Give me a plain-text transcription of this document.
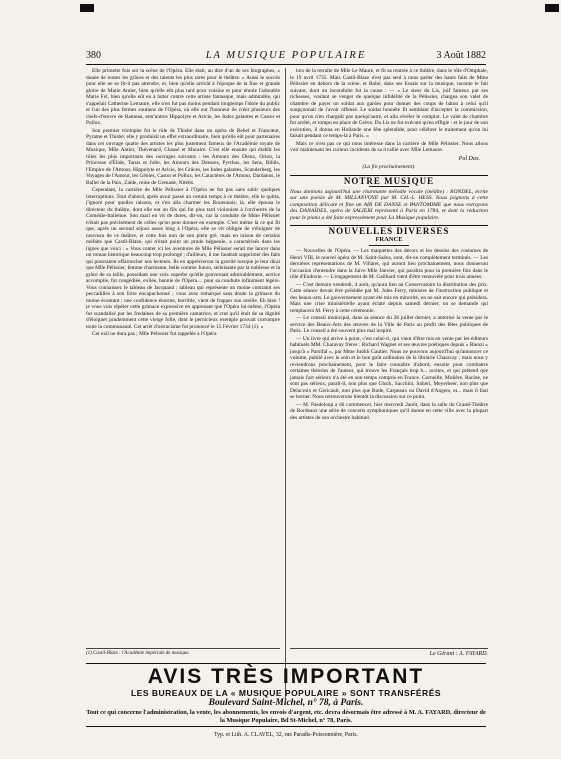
380	LA MUSIQUE POPULAIRE	3 Août 1882

Elle primette fois sur la scène de l'Opéra. Elle était, au dire d'un de ses biographes, « douée de toutes les grâces et des talents les plus rares pour le théâtre. » Aussi le succès pour elle ne se fit-il pas attendre, et, bien qu'elle arrivât à l'époque de la fine et grande gloire de Marie Antier, bien qu'elle eût plus tard pour voisine et pour émule l'adorable Marie Fel, bien qu'elle eût eu à lutter contre cette artiste fantasque, mais admirable, qui s'appelait Catherine Lemaure, elle n'en fut pas moins pendant longtemps l'idole du public et l'un des plus fermes soutiens de l'Opéra, où elle eut l'honneur de créer plusieurs des chefs-d'œuvre de Rameau, entr'autres Hippolyte et Aricie, les Indes galantes et Castor et Pollux.

Son premier triomphe fut le rôle de Thisbé dans un opéra de Rebel et Francœur, Pyrame et Thisbé; elle y produisit un effet extraordinaire, bien qu'elle eût pour partenaires dans cet ouvrage quatre des artistes les plus justement fameux de l'Académie royale de Musique, Mlle Antier, Thévenard, Chassé et Muraire. C'est elle ensuite qui établit les rôles les plus importants des ouvrages suivants : les Amours des Dieux, Orion, la Princesse d'Élide, Tarsis et Julie, les Amours des Déesses, Pyrrhus, les Sens, Biblis, l'Empire de l'Amour, Hippolyte et Aricie, les Grâces, les Indes galantes, Scanderberg, les Voyages de l'Amour, les Génies, Castor et Pollux, les Caractères de l'Amour, Dardanus, le Ballet de la Paix, Zaïde, reine de Grenade, Nitétis.

Cependant, la carrière de Mlle Pélissier à l'Opéra ne fut pas sans subir quelques interruptions. Tout d'abord, après avoir passé un certain temps à ce théâtre, elle le quitta, j'ignore pour quelles raisons, et s'en alla charmer les Rouennais; là, elle épousa le directeur du théâtre, dont elle eut un fils qui fut plus tard violoniste à l'orchestre de la Comédie-Italienne. Son mari en vit de dures, dit-on, car la conduite de Mme Pélissier n'était pas précisément de celles qu'on peut donner en exemple. C'est même là ce qui fit que, après un second séjour assez long à l'Opéra, elle se vit obligée de s'éloigner de nouveau de ce théâtre, et cette fois non de son plein gré, mais en raison de certains méfaits que Castil-Blaze, qui n'était point un prude bégueule, a caractérisés dans les lignes que voici : « Vous conter ici les aventures de Mlle Pélissier serait me lancer dans un roman historique beaucoup trop prolongé ; d'ailleurs, il me faudrait supprimer des faits qui pourraient effaroucher nos lecteurs. Ils en apprécieront la gravité lorsque je leur dirai que Mlle Pélissier, femme charmante, belle comme Junon, séduisante par la noblesse et la grâce de sa taille, possédant une voix superbe qu'elle gouvernait admirablement, actrice accomplie, fut congédiée, exilée, bannie de l'Opéra.... pour sa conduite infiniment légère. Vous connaissez le tableau de Jacquand ; tableau qui représente un moine contraint ses peccadilles à son frère encapuchonné ; vous avez remarqué sans doute la grimace du moine écoutant ; une confidence énorme, horrible, vient de frapper son oreille. Eh bien ! je vous vois répéter cette grimace expressive en apprenant que l'Opéra lui-même, l'Opéra fut scandalisé par les fredaines de sa première cantatrice, et crut qu'il était de sa dignité d'éloigner prudemment cette vierge folle, dont le pernicieux exemple pouvait corrompre toute la communauté. Cet arrêt d'ostracisme fut prononcé le 15 Février 1734 (1). »

Cet exil ne dura pas ; Mlle Pélissier fut rappelée à l'Opéra

(1) Castil-Blaze : l'Académie impériale de musique.

lors de la retraite de Mlle Le Maure, et fit sa rentrée à ce théâtre, dans le rôle d'Omphale, le 19 avril 1735. Mais Castil-Blaze n'est pas seul à nous parler des hauts faits de Mme Pélissier en dehors de la scène, et Robé, dans ses Essais sur la musique, raconte le fait suivant, dont un inconduite fut la cause : — « Le sieur du Lis, juif fameux par ses richesses, voulant se venger de quelque infidélité de la Pélissier, chargea son valet de chambre de payer un soldat aux gardes pour donner des coups de bâton à celui qu'il soupçonnait de l'avoir offensé. Le soldat honnête fit semblant d'accepter la commission, pour qu'on n'en chargeât pas quelqu'autre, et alla révéler le complot. Le valet de chambre fut arrêté, et rompu en place de Grève. Du Lis ne fut exécuté qu'en effigie : et le jour de son exécution, il donna en Hollande une fête splendide, pour célébrer le traitement qu'on lui faisait pendant ce temps-là à Paris. »

Mais ce n'est pas ce qui nous intéresse dans la carrière de Mlle Pélissier. Nous allons voir maintenant les curieux incidents de sa rivalité avec Mlle Lemaure.

Pol Dax.
(La fin prochainement).
NOTRE MUSIQUE
Nous donnons aujourd'hui une charmante mélodie vocale (inédite) : RONDEL, écrite sur une poésie de M. MILLANVOYE par M. CH.-L. HESS. Nous joignons à cette composition délicate et fine un AIR DE DANSE et PANTOMIME que nous extrayons des DANAÏDES, opéra de SALIERI représenté à Paris en 1784, et dont la réduction pour le piano a été faite expressément pour La Musique populaire.
NOUVELLES DIVERSES
FRANCE

— Nouvelles de l'Opéra. — Les maquettes des décors et les dessins des costumes de Henri VIII, le nouvel opéra de M. Saint-Saëns, sont, dit-on complètement terminés. — Les dernières représentations de M. Villaret, qui auront lieu prochainement, nous donneront l'occasion d'entendre dans la Juive Mlle Janvier, qui paraîtra pour la première fois dans le rôle d'Eudoxie. — L'engagement de M. Gailhard vient d'être renouvelé pour trois années.

— C'est demain vendredi, 4 août, qu'aura lieu au Conservatoire la distribution des prix. Cette séance devait être présidée par M. Jules Ferry, ministre de l'instruction publique et des beaux-arts. Le gouvernement ayant été mis en minorité, on ne sait encore qui présidera. Mais une crise ministérielle ayant éclaté depuis samedi dernier, on se demande qui remplacera M. Ferry à cette cérémonie.

— Le conseil municipal, dans sa séance du 28 juillet dernier, a autorisé la vente par le service des Beaux-Arts des œuvres de la Ville de Paris au profit des fêtes publiques de Paris. Le conseil a été souvent plus mal inspiré.

— Un livre qui arrive à point, c'est celui-ci, qui vient d'être mis en vente par les éditeurs habituels MM. Charavay frères : Richard Wagner et ses œuvres poétiques depuis « Rienzi » jusqu'à « Parsifal », par Mme Judith Gautier. Nous ne pouvons aujourd'hui qu'annoncer ce volume, publié avec le soin et le bon goût ordinaires de la librairie Charavay ; mais nous y reviendrons prochainement, pour le faire connaître d'abord, ensuite pour combattre certaines théories de l'auteur, qui trouve les Français trop h... ocrites, et qui prétend que jamais l'art sérieux n'a été en son temps compris en France. Corneille, Molière, Racine, ne sont pas sérieux, paraît-il, non plus que Gluck, Sacchini, Salieri, Meyerbeer, non plus que Delacroix et Géricault, non plus que Rude, Carpeaux ou David d'Angers, et... mais il faut se borner. Nous retrouverons bientôt la discussion sur ce point.

— M. Pasdeloup a dû commencer, hier mercredi 2août, dans la salle du Grand-Théâtre de Bordeaux une série de concerts symphoniques qu'il donne en cette ville avec la plupart des artistes de son orchestre habituel.

Le Gérant : A. FAYARD.
AVIS TRÈS IMPORTANT
LES BUREAUX DE LA « MUSIQUE POPULAIRE » SONT TRANSFÉRÉS
Boulevard Saint-Michel, n° 78, à Paris.
Tout ce qui concerne l'administration, la vente, les abonnements, les envois d'argent, etc. devra désormais être adressé à M. A. FAYARD, directeur de la Musique Populaire, Bd St-Michel, n° 78, Paris.
Typ. et Lith. A. CLAVEL, 32, rue Paradis-Poissonnière, Paris.
